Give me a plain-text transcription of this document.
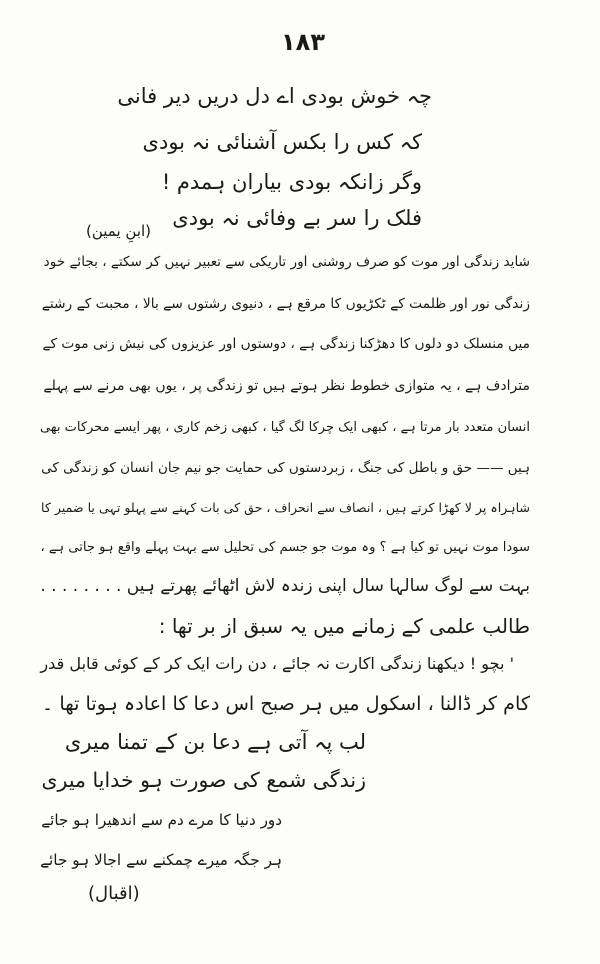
۱۸۳
چہ خوش بودی اے دل دریں دیر فانی
کہ کس را بکس آشنائی نہ بودی
وگر زانکہ بودی بیاران ہمدم !
فلک را سر بے وفائی نہ بودی
(ابنِ یمین)
شاید زندگی اور موت کو صرف روشنی اور تاریکی سے تعبیر نہیں کر سکتے ، بجائے خود
زندگی نور اور ظلمت کے ٹکڑیوں کا مرقع ہے ، دنیوی رشتوں سے بالا ، محبت کے رشتے
میں منسلک دو دلوں کا دھڑکنا زندگی ہے ، دوستوں اور عزیزوں کی نیش زنی موت کے
مترادف ہے ، یہ متوازی خطوط نظر ہوتے ہیں تو زندگی پر ، یوں بھی مرنے سے پہلے
انسان متعدد بار مرتا ہے ، کبھی ایک چرکا لگ گیا ، کبھی زخم کاری ، پھر ایسے محرکات بھی
ہیں —— حق و باطل کی جنگ ، زبردستوں کی حمایت جو نیم جان انسان کو زندگی کی
شاہراہ پر لا کھڑا کرتے ہیں ، انصاف سے انحراف ، حق کی بات کہنے سے پہلو تہی یا ضمیر کا
سودا موت نہیں تو کیا ہے ؟ وہ موت جو جسم کی تحلیل سے بہت پہلے واقع ہو جاتی ہے ،
بہت سے لوگ سالہا سال اپنی زندہ لاش اٹھائے پھرتے ہیں . . . . . . . .
طالب علمی کے زمانے میں یہ سبق از بر تھا :
' بچو ! دیکھنا زندگی اکارت نہ جائے ، دن رات ایک کر کے کوئی قابل قدر
کام کر ڈالنا ، اسکول میں ہر صبح اس دعا کا اعادہ ہوتا تھا ۔
لب پہ آتی ہے دعا بن کے تمنا میری
زندگی شمع کی صورت ہو خدایا میری
دور دنیا کا مرے دم سے اندھیرا ہو جائے
ہر جگہ میرے چمکنے سے اجالا ہو جائے
(اقبال)
